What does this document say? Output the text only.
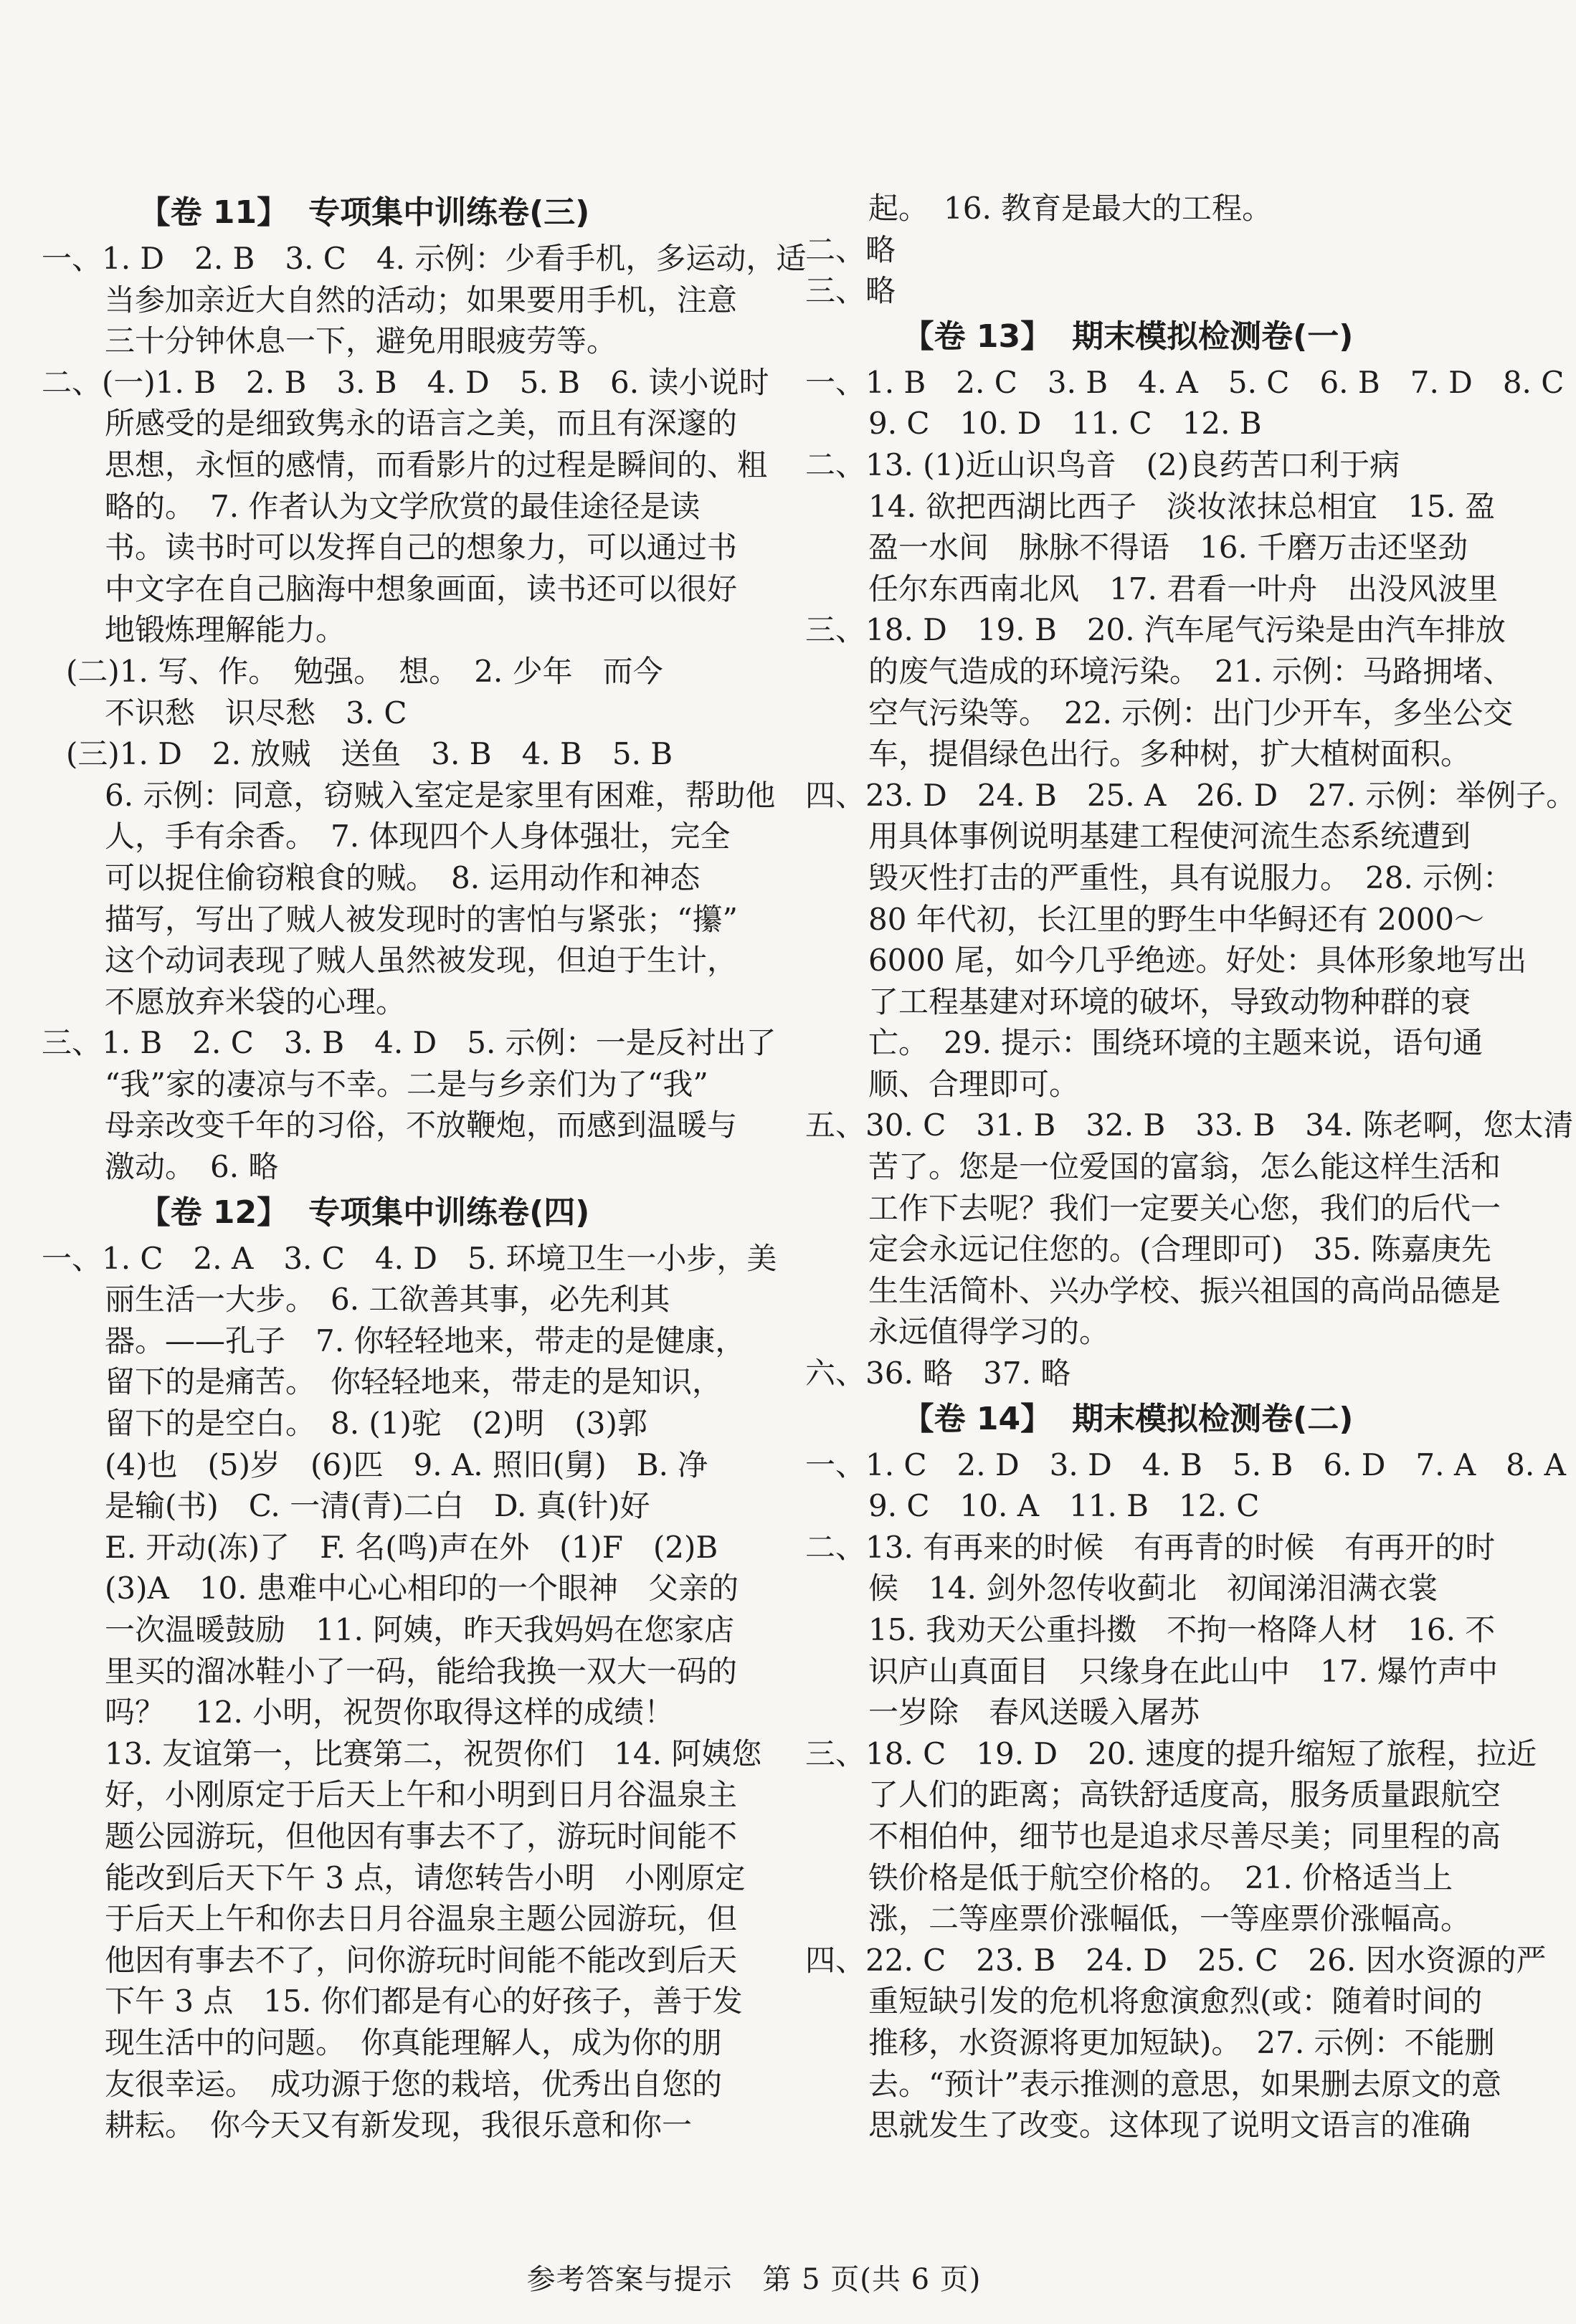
【卷 11】 专项集中训练卷(三)
一、1. D　2. B　3. C　4. 示例：少看手机，多运动，适
当参加亲近大自然的活动；如果要用手机，注意
三十分钟休息一下，避免用眼疲劳等。
二、(一)1. B　2. B　3. B　4. D　5. B　6. 读小说时
所感受的是细致隽永的语言之美，而且有深邃的
思想，永恒的感情，而看影片的过程是瞬间的、粗
略的。　7. 作者认为文学欣赏的最佳途径是读
书。读书时可以发挥自己的想象力，可以通过书
中文字在自己脑海中想象画面，读书还可以很好
地锻炼理解能力。
(二)1. 写、作。　勉强。　想。　2. 少年　而今
不识愁　识尽愁　3. C
(三)1. D　2. 放贼　送鱼　3. B　4. B　5. B
6. 示例：同意，窃贼入室定是家里有困难，帮助他
人，手有余香。　7. 体现四个人身体强壮，完全
可以捉住偷窃粮食的贼。　8. 运用动作和神态
描写，写出了贼人被发现时的害怕与紧张；“攥”
这个动词表现了贼人虽然被发现，但迫于生计，
不愿放弃米袋的心理。
三、1. B　2. C　3. B　4. D　5. 示例：一是反衬出了
“我”家的凄凉与不幸。二是与乡亲们为了“我”
母亲改变千年的习俗，不放鞭炮，而感到温暖与
激动。　6. 略
【卷 12】 专项集中训练卷(四)
一、1. C　2. A　3. C　4. D　5. 环境卫生一小步，美
丽生活一大步。　6. 工欲善其事，必先利其
器。——孔子　7. 你轻轻地来，带走的是健康，
留下的是痛苦。　你轻轻地来，带走的是知识，
留下的是空白。　8. (1)驼　(2)明　(3)郭
(4)也　(5)岁　(6)匹　9. A. 照旧(舅)　B. 净
是输(书)　C. 一清(青)二白　D. 真(针)好
E. 开动(冻)了　F. 名(鸣)声在外　(1)F　(2)B
(3)A　10. 患难中心心相印的一个眼神　父亲的
一次温暖鼓励　11. 阿姨，昨天我妈妈在您家店
里买的溜冰鞋小了一码，能给我换一双大一码的
吗？　12. 小明，祝贺你取得这样的成绩！
13. 友谊第一，比赛第二，祝贺你们　14. 阿姨您
好，小刚原定于后天上午和小明到日月谷温泉主
题公园游玩，但他因有事去不了，游玩时间能不
能改到后天下午 3 点，请您转告小明　小刚原定
于后天上午和你去日月谷温泉主题公园游玩，但
他因有事去不了，问你游玩时间能不能改到后天
下午 3 点　15. 你们都是有心的好孩子，善于发
现生活中的问题。　你真能理解人，成为你的朋
友很幸运。　成功源于您的栽培，优秀出自您的
耕耘。　你今天又有新发现，我很乐意和你一
起。　16. 教育是最大的工程。
二、略
三、略
【卷 13】 期末模拟检测卷(一)
一、1. B　2. C　3. B　4. A　5. C　6. B　7. D　8. C
9. C　10. D　11. C　12. B
二、13. (1)近山识鸟音　(2)良药苦口利于病
14. 欲把西湖比西子　淡妆浓抹总相宜　15. 盈
盈一水间　脉脉不得语　16. 千磨万击还坚劲
任尔东西南北风　17. 君看一叶舟　出没风波里
三、18. D　19. B　20. 汽车尾气污染是由汽车排放
的废气造成的环境污染。　21. 示例：马路拥堵、
空气污染等。　22. 示例：出门少开车，多坐公交
车，提倡绿色出行。多种树，扩大植树面积。
四、23. D　24. B　25. A　26. D　27. 示例：举例子。
用具体事例说明基建工程使河流生态系统遭到
毁灭性打击的严重性，具有说服力。　28. 示例：
80 年代初，长江里的野生中华鲟还有 2000～
6000 尾，如今几乎绝迹。好处：具体形象地写出
了工程基建对环境的破坏，导致动物种群的衰
亡。　29. 提示：围绕环境的主题来说，语句通
顺、合理即可。
五、30. C　31. B　32. B　33. B　34. 陈老啊，您太清
苦了。您是一位爱国的富翁，怎么能这样生活和
工作下去呢？我们一定要关心您，我们的后代一
定会永远记住您的。(合理即可)　35. 陈嘉庚先
生生活简朴、兴办学校、振兴祖国的高尚品德是
永远值得学习的。
六、36. 略　37. 略
【卷 14】 期末模拟检测卷(二)
一、1. C　2. D　3. D　4. B　5. B　6. D　7. A　8. A
9. C　10. A　11. B　12. C
二、13. 有再来的时候　有再青的时候　有再开的时
候　14. 剑外忽传收蓟北　初闻涕泪满衣裳
15. 我劝天公重抖擞　不拘一格降人材　16. 不
识庐山真面目　只缘身在此山中　17. 爆竹声中
一岁除　春风送暖入屠苏
三、18. C　19. D　20. 速度的提升缩短了旅程，拉近
了人们的距离；高铁舒适度高，服务质量跟航空
不相伯仲，细节也是追求尽善尽美；同里程的高
铁价格是低于航空价格的。　21. 价格适当上
涨，二等座票价涨幅低，一等座票价涨幅高。
四、22. C　23. B　24. D　25. C　26. 因水资源的严
重短缺引发的危机将愈演愈烈(或：随着时间的
推移，水资源将更加短缺)。　27. 示例：不能删
去。“预计”表示推测的意思，如果删去原文的意
思就发生了改变。这体现了说明文语言的准确
参考答案与提示 第 5 页(共 6 页)
